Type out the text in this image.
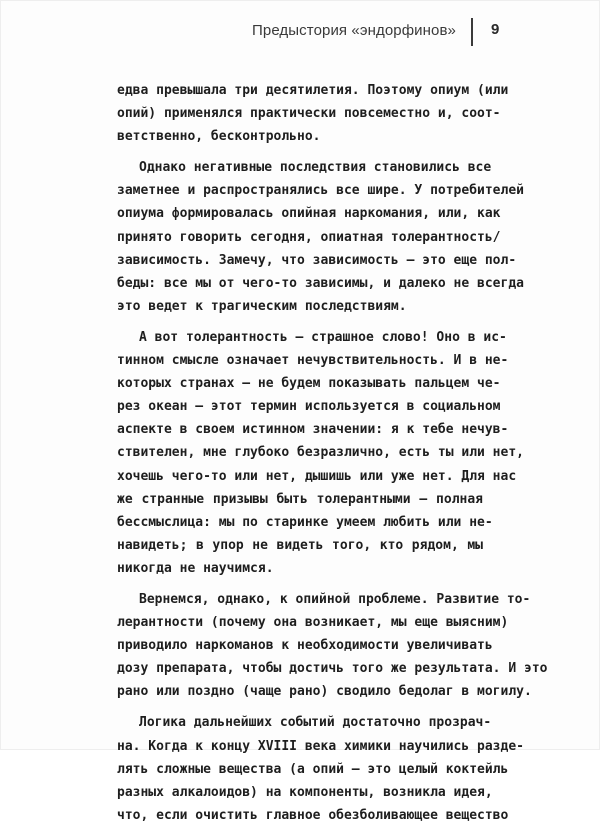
Предыстория «эндорфинов» 9

едва превышала три десятилетия. Поэтому опиум (или
опий) применялся практически повсеместно и, соот-
ветственно, бесконтрольно.

Однако негативные последствия становились все
заметнее и распространялись все шире. У потребителей
опиума формировалась опийная наркомания, или, как
принято говорить сегодня, опиатная толерантность/
зависимость. Замечу, что зависимость — это еще пол-
беды: все мы от чего-то зависимы, и далеко не всегда
это ведет к трагическим последствиям.

А вот толерантность — страшное слово! Оно в ис-
тинном смысле означает нечувствительность. И в не-
которых странах — не будем показывать пальцем че-
рез океан — этот термин используется в социальном
аспекте в своем истинном значении: я к тебе нечув-
ствителен, мне глубоко безразлично, есть ты или нет,
хочешь чего-то или нет, дышишь или уже нет. Для нас
же странные призывы быть толерантными — полная
бессмыслица: мы по старинке умеем любить или не-
навидеть; в упор не видеть того, кто рядом, мы
никогда не научимся.

Вернемся, однако, к опийной проблеме. Развитие то-
лерантности (почему она возникает, мы еще выясним)
приводило наркоманов к необходимости увеличивать
дозу препарата, чтобы достичь того же результата. И это
рано или поздно (чаще рано) сводило бедолаг в могилу.

Логика дальнейших событий достаточно прозрач-
на. Когда к концу XVIII века химики научились разде-
лять сложные вещества (а опий — это целый коктейль
разных алкалоидов) на компоненты, возникла идея,
что, если очистить главное обезболивающее вещество
